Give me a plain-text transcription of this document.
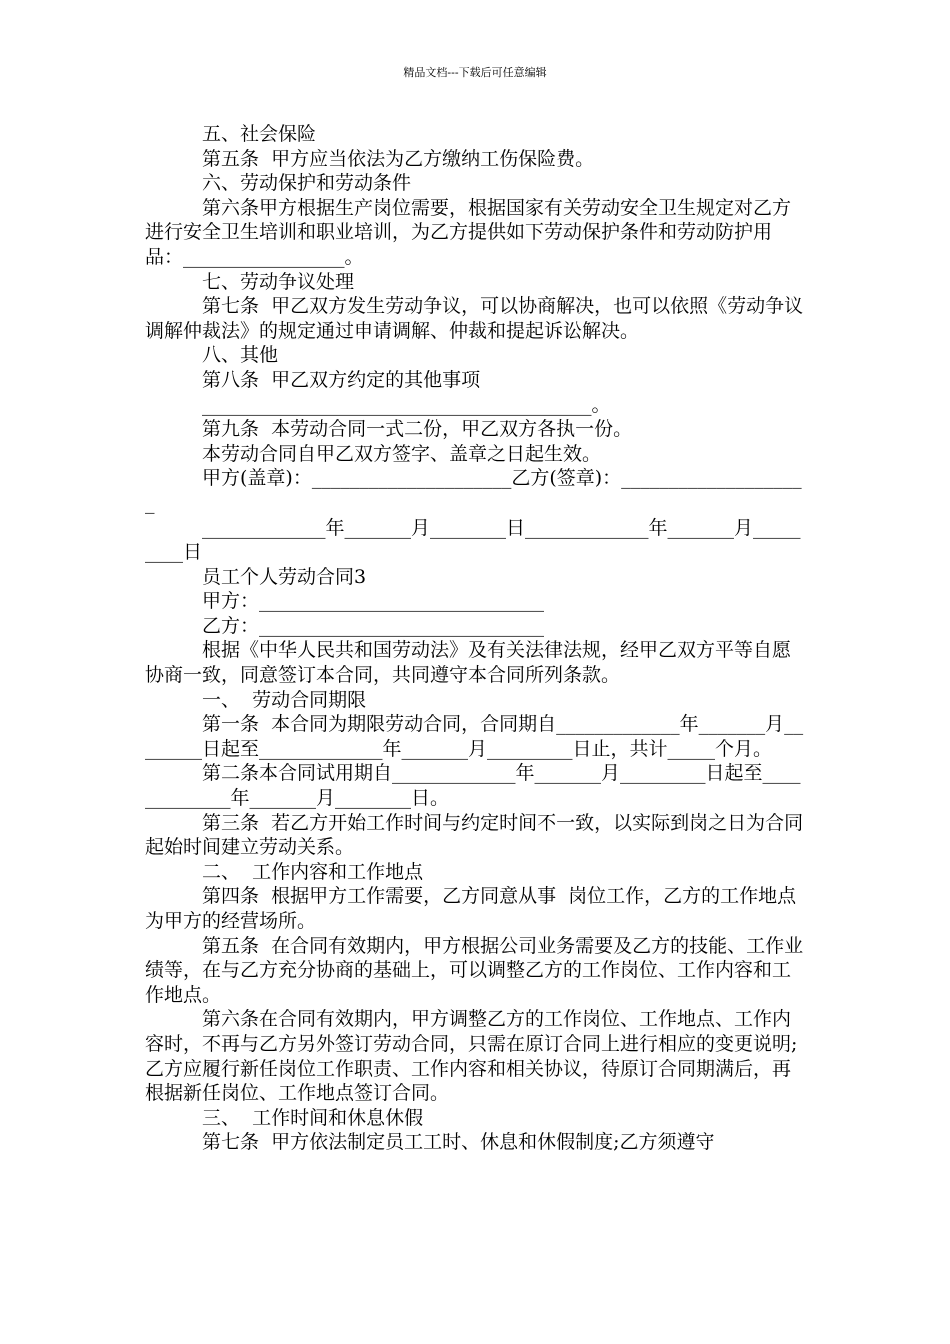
精品文档---下载后可任意编辑

五、社会保险

第五条  甲方应当依法为乙方缴纳工伤保险费。

六、劳动保护和劳动条件

第六条甲方根据生产岗位需要，根据国家有关劳动安全卫生规定对乙方进行安全卫生培训和职业培训，为乙方提供如下劳动保护条件和劳动防护用品：_________________。

七、劳动争议处理

第七条  甲乙双方发生劳动争议，可以协商解决，也可以依照《劳动争议调解仲裁法》的规定通过申请调解、仲裁和提起诉讼解决。

八、其他

第八条  甲乙双方约定的其他事项

_________________________________________。

第九条  本劳动合同一式二份，甲乙双方各执一份。

本劳动合同自甲乙双方签字、盖章之日起生效。

甲方(盖章)：_____________________乙方(签章)：____________________

_____________年_______月________日_____________年_______月_________日

员工个人劳动合同3

甲方：______________________________

乙方：______________________________

根据《中华人民共和国劳动法》及有关法律法规，经甲乙双方平等自愿协商一致，同意签订本合同，共同遵守本合同所列条款。

一、  劳动合同期限

第一条  本合同为期限劳动合同，合同期自_____________年_______月________日起至_____________年_______月_________日止，共计_____个月。

第二条本合同试用期自_____________年_______月_________日起至_____________年_______月________日。

第三条  若乙方开始工作时间与约定时间不一致，以实际到岗之日为合同起始时间建立劳动关系。

二、  工作内容和工作地点

第四条  根据甲方工作需要，乙方同意从事  岗位工作，乙方的工作地点为甲方的经营场所。

第五条  在合同有效期内，甲方根据公司业务需要及乙方的技能、工作业绩等，在与乙方充分协商的基础上，可以调整乙方的工作岗位、工作内容和工作地点。

第六条在合同有效期内，甲方调整乙方的工作岗位、工作地点、工作内容时，不再与乙方另外签订劳动合同，只需在原订合同上进行相应的变更说明;乙方应履行新任岗位工作职责、工作内容和相关协议，待原订合同期满后，再根据新任岗位、工作地点签订合同。

三、  工作时间和休息休假

第七条  甲方依法制定员工工时、休息和休假制度;乙方须遵守
